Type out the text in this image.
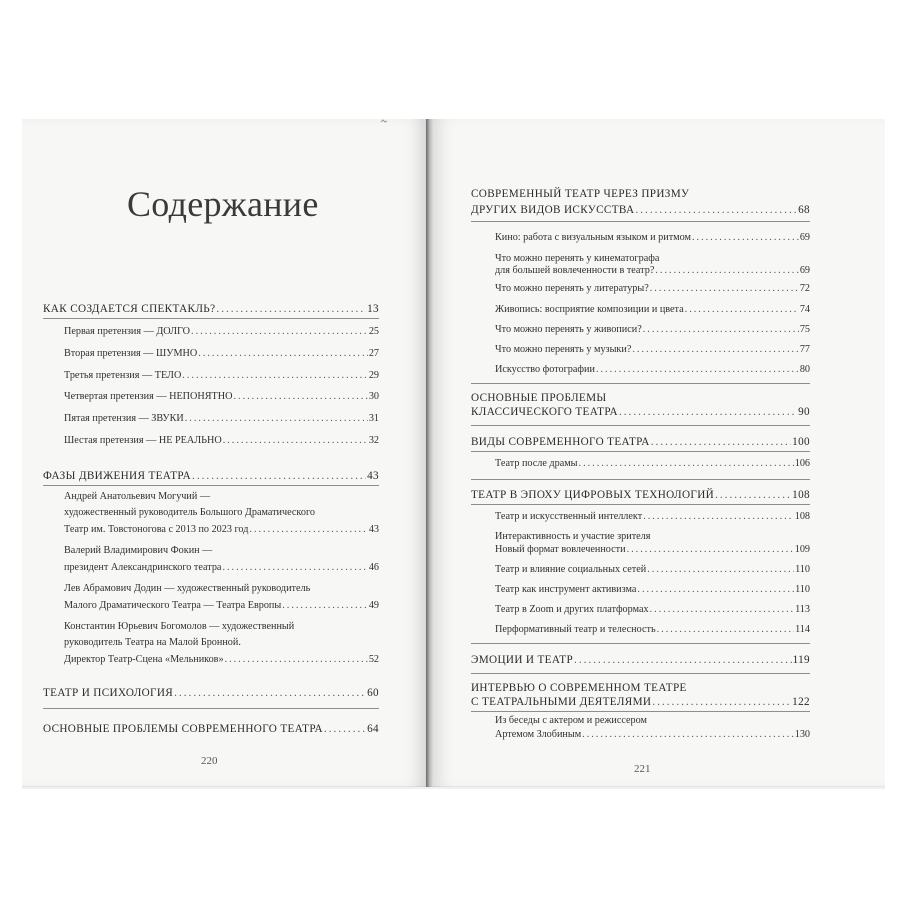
Содержание
КАК СОЗДАЕТСЯ СПЕКТАКЛЬ? .....	13
Первая претензия — ДОЛГО .....	25
Вторая претензия — ШУМНО .....	27
Третья претензия — ТЕЛО .....	29
Четвертая претензия — НЕПОНЯТНО .....	30
Пятая претензия — ЗВУКИ .....	31
Шестая претензия — НЕ РЕАЛЬНО .....	32
ФАЗЫ ДВИЖЕНИЯ ТЕАТРА .....	43
Андрей Анатольевич Могучий —
художественный руководитель Большого Драматического
Театр им. Товстоногова с 2013 по 2023 год .....	43
Валерий Владимирович Фокин —
президент Александринского театра .....	46
Лев Абрамович Додин — художественный руководитель
Малого Драматического Театра — Театра Европы .....	49
Константин Юрьевич Богомолов — художественный
руководитель Театра на Малой Бронной.
Директор Театр-Сцена «Мельников» .....	52
ТЕАТР И ПСИХОЛОГИЯ .....	60
ОСНОВНЫЕ ПРОБЛЕМЫ СОВРЕМЕННОГО ТЕАТРА .....	64
220
СОВРЕМЕННЫЙ ТЕАТР ЧЕРЕЗ ПРИЗМУ
ДРУГИХ ВИДОВ ИСКУССТВА .....	68
Кино: работа с визуальным языком и ритмом .....	69
Что можно перенять у кинематографа
для большей вовлеченности в театр? .....	69
Что можно перенять у литературы? .....	72
Живопись: восприятие композиции и цвета .....	74
Что можно перенять у живописи? .....	75
Что можно перенять у музыки? .....	77
Искусство фотографии .....	80
ОСНОВНЫЕ ПРОБЛЕМЫ
КЛАССИЧЕСКОГО ТЕАТРА .....	90
ВИДЫ СОВРЕМЕННОГО ТЕАТРА .....	100
Театр после драмы .....	106
ТЕАТР В ЭПОХУ ЦИФРОВЫХ ТЕХНОЛОГИЙ .....	108
Театр и искусственный интеллект .....	108
Интерактивность и участие зрителя
Новый формат вовлеченности .....	109
Театр и влияние социальных сетей .....	110
Театр как инструмент активизма .....	110
Театр в Zoom и других платформах .....	113
Перформативный театр и телесность .....	114
ЭМОЦИИ И ТЕАТР .....	119
ИНТЕРВЬЮ О СОВРЕМЕННОМ ТЕАТРЕ
С ТЕАТРАЛЬНЫМИ ДЕЯТЕЛЯМИ .....	122
Из беседы с актером и режиссером
Артемом Злобиным .....	130
221
